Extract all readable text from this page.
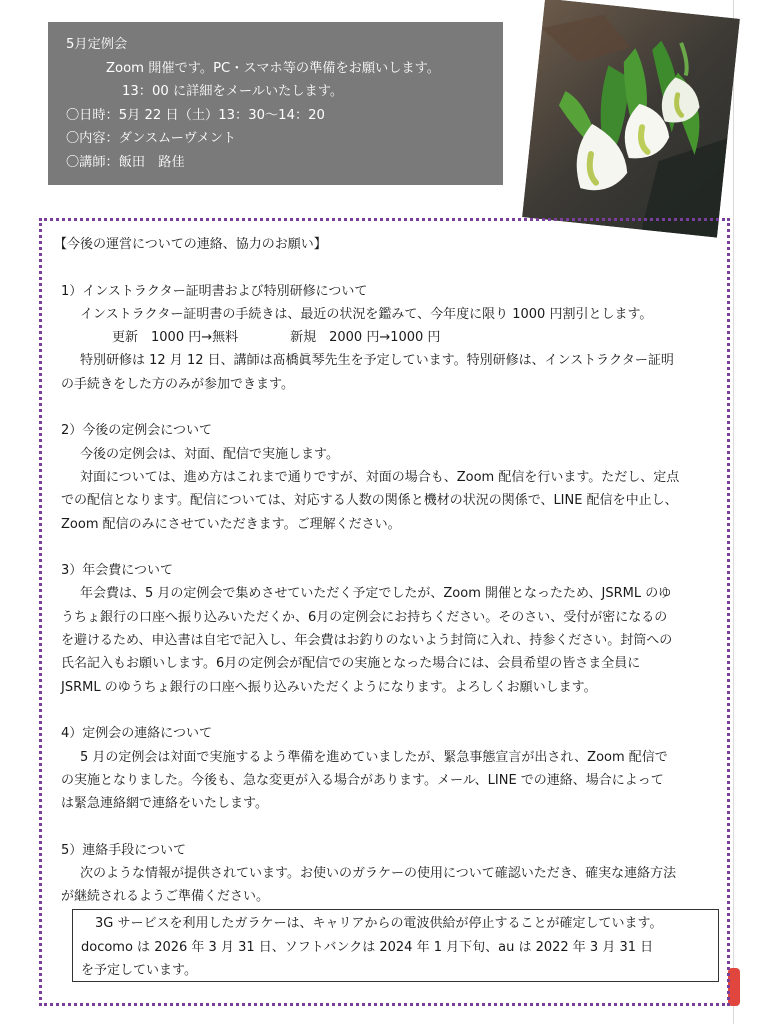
5月定例会
Zoom 開催です。PC・スマホ等の準備をお願いします。
13：00 に詳細をメールいたします。
〇日時：5月 22 日（土）13：30〜14：20
〇内容：ダンスムーヴメント
〇講師：飯田　路佳
【今後の運営についての連絡、協力のお願い】
1）インストラクター証明書および特別研修について
インストラクター証明書の手続きは、最近の状況を鑑みて、今年度に限り 1000 円割引とします。
更新　1000 円→無料　　　　新規　2000 円→1000 円
特別研修は 12 月 12 日、講師は髙橋眞琴先生を予定しています。特別研修は、インストラクター証明
の手続きをした方のみが参加できます。
2）今後の定例会について
今後の定例会は、対面、配信で実施します。
対面については、進め方はこれまで通りですが、対面の場合も、Zoom 配信を行います。ただし、定点
での配信となります。配信については、対応する人数の関係と機材の状況の関係で、LINE 配信を中止し、
Zoom 配信のみにさせていただきます。ご理解ください。
3）年会費について
年会費は、5 月の定例会で集めさせていただく予定でしたが、Zoom 開催となったため、JSRML のゆ
うちょ銀行の口座へ振り込みいただくか、6月の定例会にお持ちください。そのさい、受付が密になるの
を避けるため、申込書は自宅で記入し、年会費はお釣りのないよう封筒に入れ、持参ください。封筒への
氏名記入もお願いします。6月の定例会が配信での実施となった場合には、会員希望の皆さま全員に
JSRML のゆうちょ銀行の口座へ振り込みいただくようになります。よろしくお願いします。
4）定例会の連絡について
5 月の定例会は対面で実施するよう準備を進めていましたが、緊急事態宣言が出され、Zoom 配信で
の実施となりました。今後も、急な変更が入る場合があります。メール、LINE での連絡、場合によって
は緊急連絡網で連絡をいたします。
5）連絡手段について
次のような情報が提供されています。お使いのガラケーの使用について確認いただき、確実な連絡方法
が継続されるようご準備ください。
3G サービスを利用したガラケーは、キャリアからの電波供給が停止することが確定しています。
docomo は 2026 年 3 月 31 日、ソフトバンクは 2024 年 1 月下旬、au は 2022 年 3 月 31 日
を予定しています。
